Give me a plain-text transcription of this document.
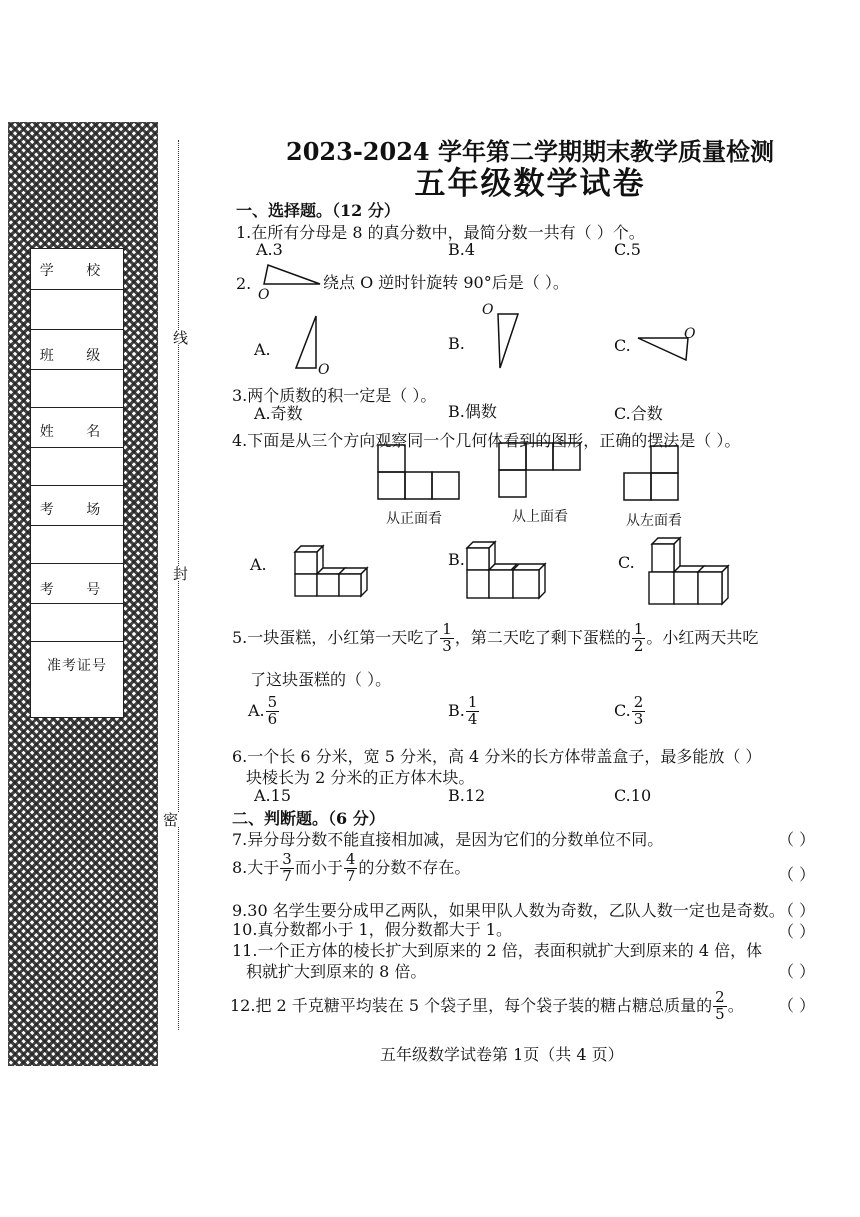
学 校
班 级
姓 名
考 场
考 号
准考证号
线
封
密
2023-2024 学年第二学期期末教学质量检测
五年级数学试卷
一、选择题。（12 分）
1.在所有分母是 8 的真分数中，最简分数一共有（ ）个。
A.3	B.4	C.5
2.
O
绕点 O 逆时针旋转 90°后是（ ）。
A.
O
B.
O
C.
O
3.两个质数的积一定是（ ）。
A.奇数	B.偶数	C.合数
4.下面是从三个方向观察同一个几何体看到的图形，正确的摆法是（ ）。
从正面看	从上面看	从左面看
A.	B.	C.
5.一块蛋糕，小红第一天吃了 $\frac{1}{3}$ ，第二天吃了剩下蛋糕的 $\frac{1}{2}$ 。小红两天共吃
了这块蛋糕的（ ）。
A. $\frac{5}{6}$	B. $\frac{1}{4}$	C. $\frac{2}{3}$
6.一个长 6 分米，宽 5 分米，高 4 分米的长方体带盖盒子，最多能放（ ）
块棱长为 2 分米的正方体木块。
A.15	B.12	C.10
二、判断题。（6 分）
7.异分母分数不能直接相加减，是因为它们的分数单位不同。	（ ）
8.大于 $\frac{3}{7}$ 而小于 $\frac{4}{7}$ 的分数不存在。	（ ）
9.30 名学生要分成甲乙两队，如果甲队人数为奇数，乙队人数一定也是奇数。
（ ）
10.真分数都小于 1，假分数都大于 1。	（ ）
11.一个正方体的棱长扩大到原来的 2 倍，表面积就扩大到原来的 4 倍，体
积就扩大到原来的 8 倍。	（ ）
12.把 2 千克糖平均装在 5 个袋子里，每个袋子装的糖占糖总质量的 $\frac{2}{5}$ 。 （ ）
五年级数学试卷第 1页（共 4 页）
